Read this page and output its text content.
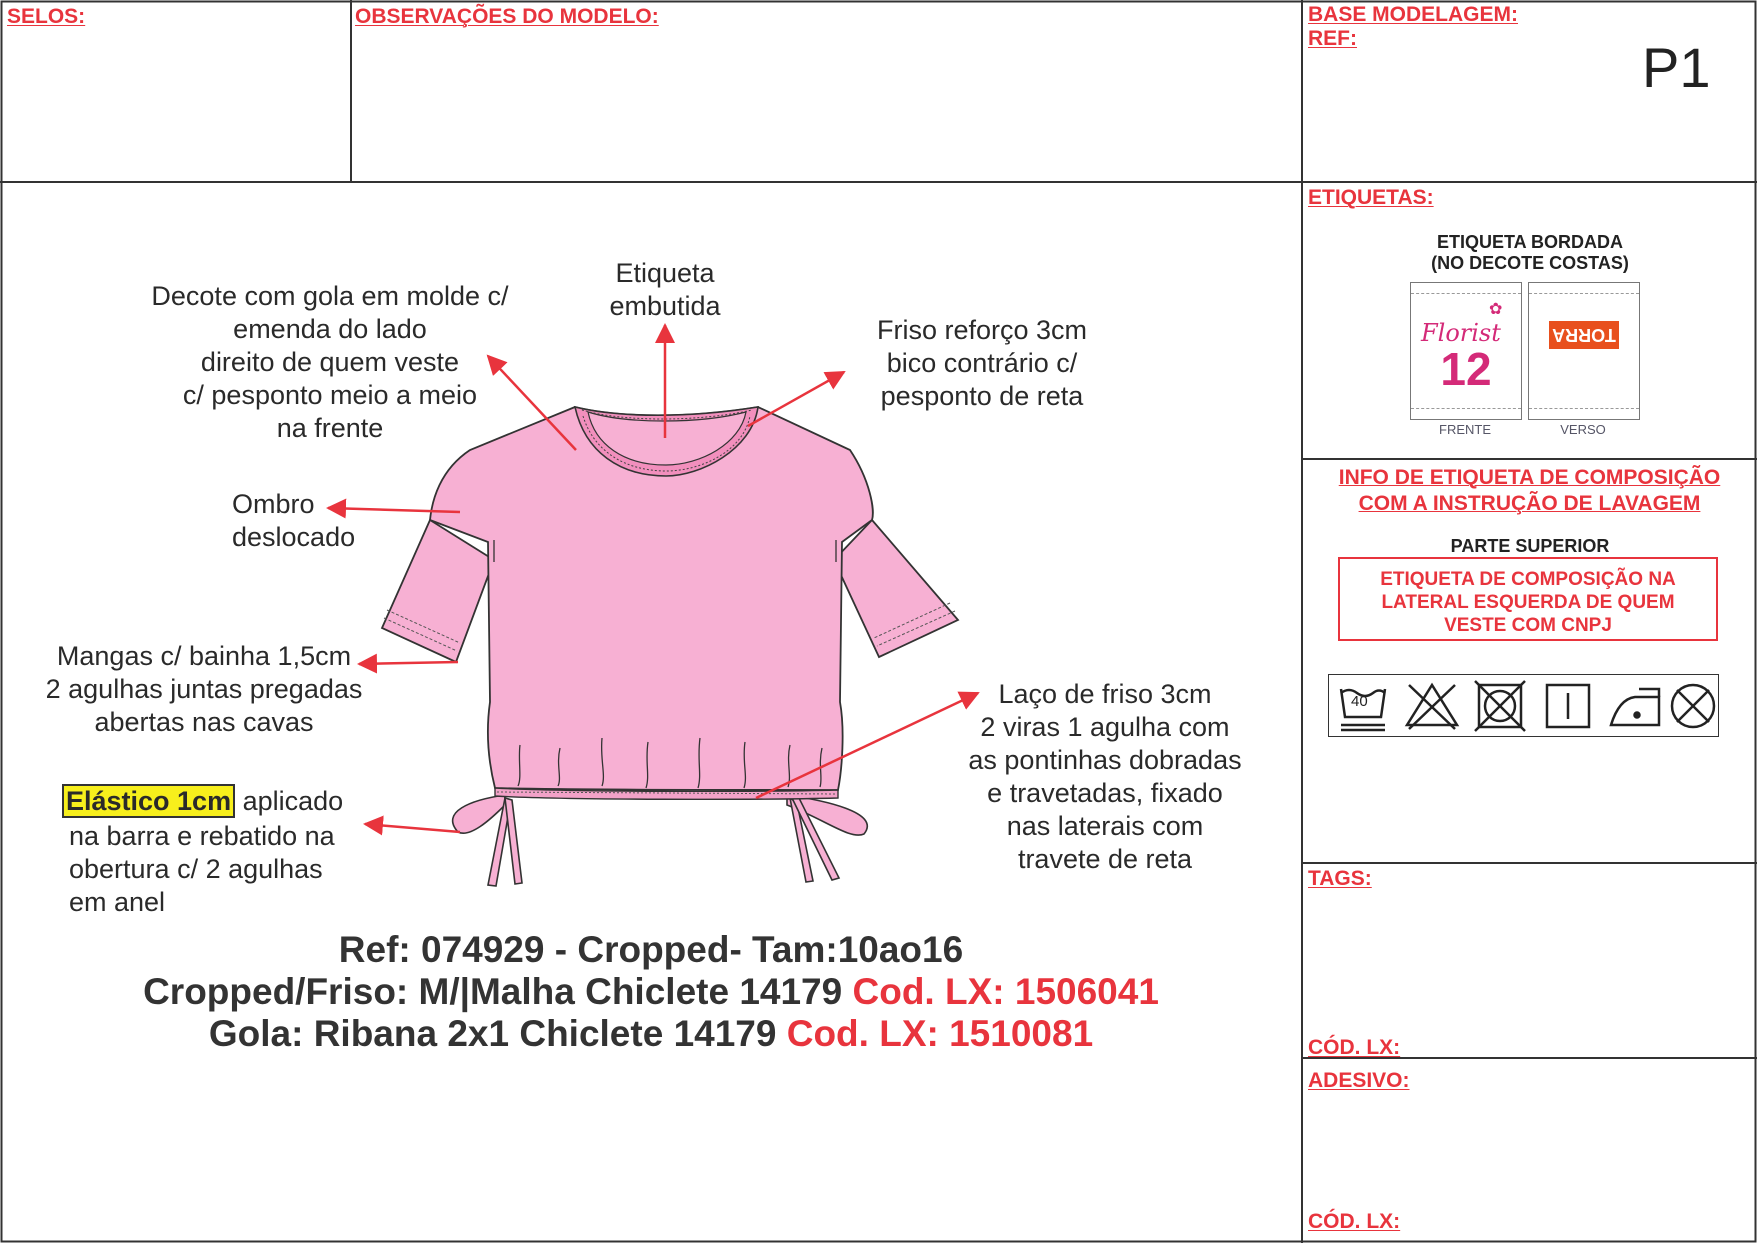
SELOS:	OBSERVAÇÕES DO MODELO:	BASE MODELAGEM:
REF:	P1
Decote com gola em molde c/
emenda do lado
direito de quem veste
c/ pesponto meio a meio
na frente
Etiqueta
embutida
Friso reforço 3cm
bico contrário c/
pesponto de reta
Ombro
deslocado
Mangas c/ bainha 1,5cm
2 agulhas juntas pregadas
abertas nas cavas
Elástico 1cm aplicado
na barra e rebatido na
obertura c/ 2 agulhas
em anel
Laço de friso 3cm
2 viras 1 agulha com
as pontinhas dobradas
e travetadas, fixado
nas laterais com
travete de reta
Ref: 074929 - Cropped- Tam:10ao16
Cropped/Friso: M/|Malha Chiclete 14179 Cod. LX: 1506041
Gola: Ribana 2x1 Chiclete 14179 Cod. LX: 1510081
ETIQUETAS:
ETIQUETA BORDADA
(NO DECOTE COSTAS)
Florist
✿
12
FRENTE
TORRA
VERSO
INFO DE ETIQUETA DE COMPOSIÇÃO
COM A INSTRUÇÃO DE LAVAGEM
PARTE SUPERIOR
ETIQUETA DE COMPOSIÇÃO NA
LATERAL ESQUERDA DE QUEM
VESTE COM CNPJ
40
TAGS:
CÓD. LX:
ADESIVO:
CÓD. LX:
